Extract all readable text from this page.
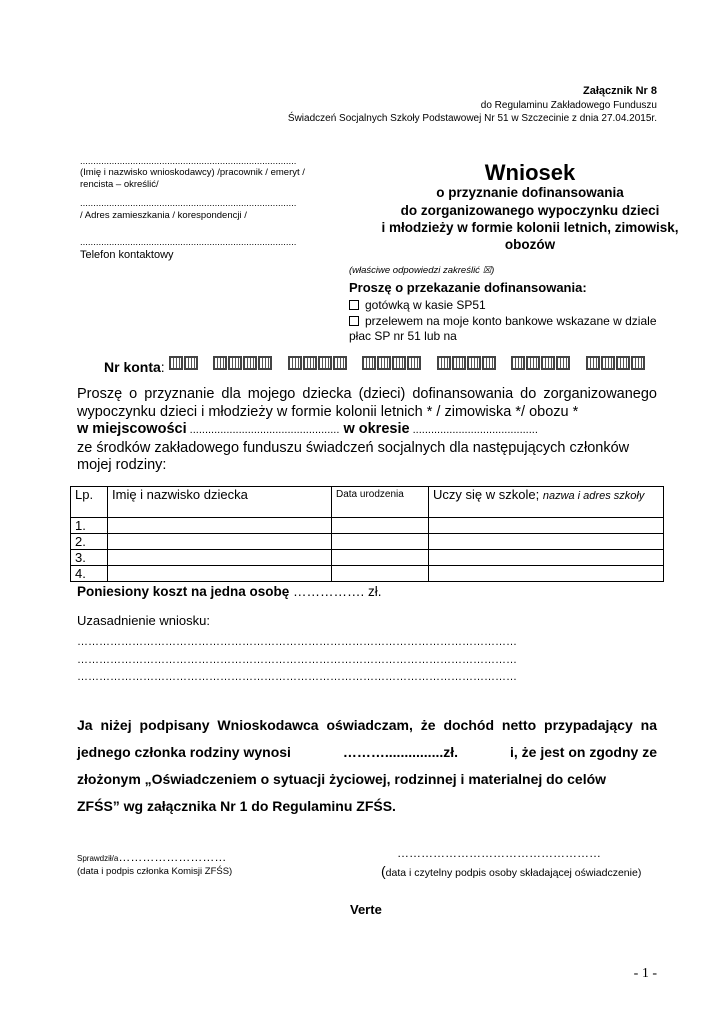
Załącznik Nr 8
do Regulaminu Zakładowego Funduszu
Świadczeń Socjalnych Szkoły Podstawowej Nr 51 w Szczecinie z dnia 27.04.2015r.
..................................................................................
(Imię i nazwisko wnioskodawcy) /pracownik / emeryt /
rencista – określić/
..................................................................................
/ Adres zamieszkania / korespondencji /
..................................................................................
Telefon kontaktowy
Wniosek
o przyznanie dofinansowania
do zorganizowanego wypoczynku dzieci
i młodzieży w formie kolonii letnich, zimowisk,
obozów
(właściwe odpowiedzi zakreślić ☒)
Proszę o przekazanie dofinansowania:
gotówką w kasie SP51
przelewem na moje konto bankowe wskazane w dziale
płac SP nr 51 lub na
Nr konta:

Proszę o przyznanie dla mojego dziecka (dzieci) dofinansowania do zorganizowanego
wypoczynku dzieci i młodzieży w formie kolonii letnich * / zimowiska */ obozu *
w miejscowości ................................................. w okresie .........................................
ze środków zakładowego funduszu świadczeń socjalnych dla następujących członków
mojej rodziny:
Lp.	Imię i nazwisko dziecka	Data urodzenia	Uczy się w szkole; nazwa i adres szkoły
1.			
2.			
3.			
4.			
Poniesiony koszt na jedna osobę ……………. zł.
Uzasadnienie wniosku:
…………………………………………………………………………………………………………
…………………………………………………………………………………………………………
…………………………………………………………………………………………………………
Ja niżej podpisany Wnioskodawca oświadczam, że dochód netto przypadający na
jednego członka rodziny wynosi	………...............zł.	i, że jest on zgodny ze
złożonym „Oświadczeniem o sytuacji życiowej, rodzinnej i materialnej do celów
ZFŚS” wg załącznika Nr 1 do Regulaminu ZFŚS.
Sprawdził/a………………………
(data i podpis członka Komisji ZFŚS)
……………………………………………
(data i czytelny podpis osoby składającej oświadczenie)
Verte
- 1 -
